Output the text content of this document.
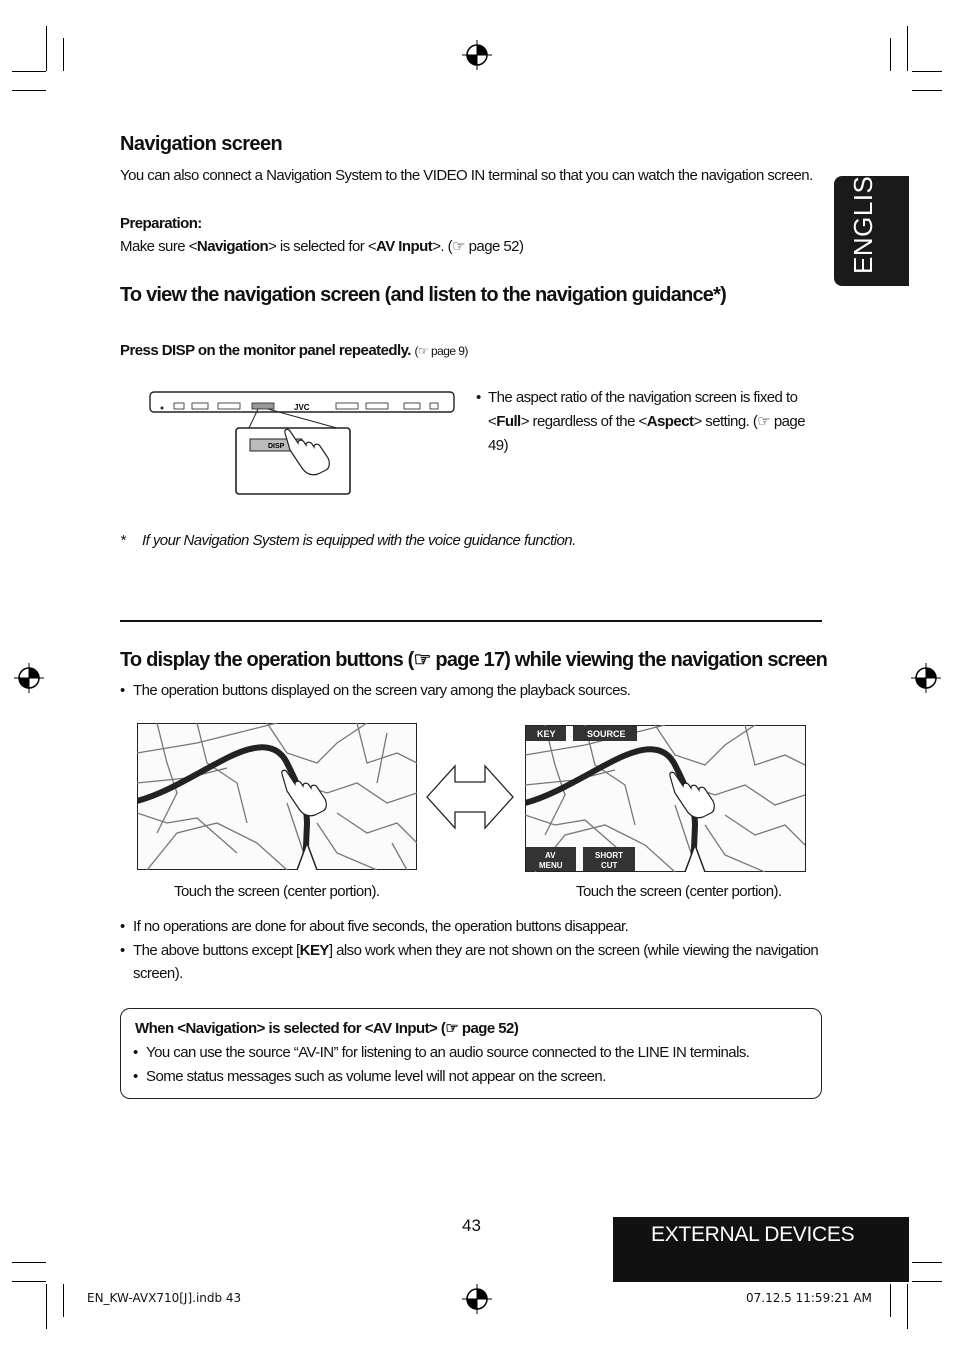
ENGLISH
Navigation screen

You can also connect a Navigation System to the VIDEO IN terminal so that you can watch the navigation screen.

Preparation:

Make sure <Navigation> is selected for <AV Input>. (☞ page 52)

To view the navigation screen (and listen to the navigation guidance*)

Press DISP on the monitor panel repeatedly. (☞ page 9)

JVC
DISP
• The aspect ratio of the navigation screen is fixed to

<Full> regardless of the <Aspect> setting. (☞ page

49)

* If your Navigation System is equipped with the voice guidance function.

To display the operation buttons (☞ page 17) while viewing the navigation screen
• The operation buttons displayed on the screen vary among the playback sources.

KEY	SOURCE
AV
MENU
SHORT
CUT

Touch the screen (center portion).	Touch the screen (center portion).

• If no operations are done for about five seconds, the operation buttons disappear.

• The above buttons except [KEY] also work when they are not shown on the screen (while viewing the navigation

screen).

When <Navigation> is selected for <AV Input> (☞ page 52)

• You can use the source “AV-IN” for listening to an audio source connected to the LINE IN terminals.

• Some status messages such as volume level will not appear on the screen.

43	EXTERNAL DEVICES

EN_KW-AVX710[J].indb 43	07.12.5 11:59:21 AM
